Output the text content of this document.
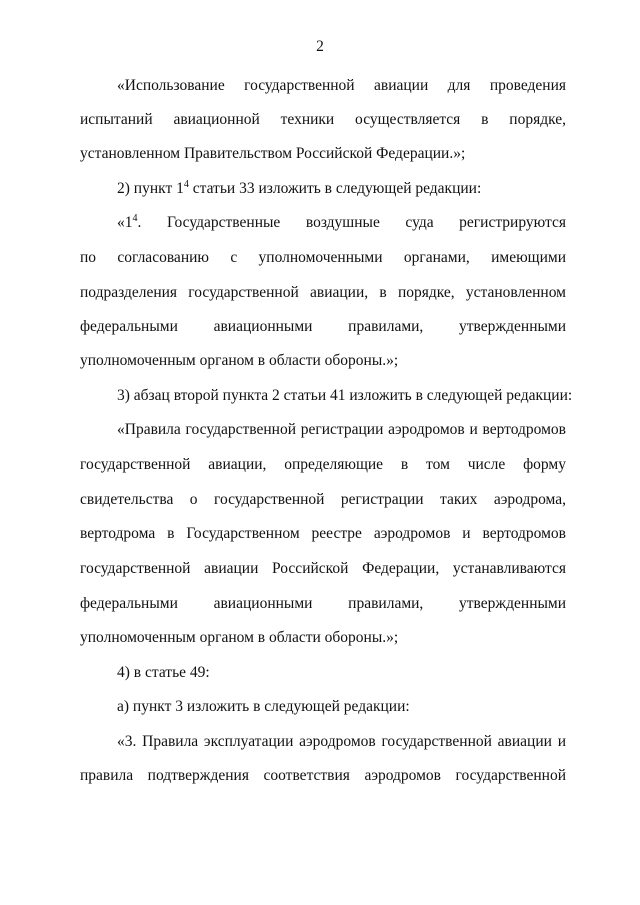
2
«Использование государственной авиации для проведения
испытаний авиационной техники осуществляется в порядке,
установленном Правительством Российской Федерации.»;
2) пункт $1^4$ статьи 33 изложить в следующей редакции:
«$1^4$ . Государственные воздушные суда регистрируются
по согласованию с уполномоченными органами, имеющими
подразделения государственной авиации, в порядке, установленном
федеральными авиационными правилами, утвержденными
уполномоченным органом в области обороны.»;
3) абзац второй пункта 2 статьи 41 изложить в следующей редакции:
«Правила государственной регистрации аэродромов и вертодромов
государственной авиации, определяющие в том числе форму
свидетельства о государственной регистрации таких аэродрома,
вертодрома в Государственном реестре аэродромов и вертодромов
государственной авиации Российской Федерации, устанавливаются
федеральными авиационными правилами, утвержденными
уполномоченным органом в области обороны.»;
4) в статье 49:
а) пункт 3 изложить в следующей редакции:
«3. Правила эксплуатации аэродромов государственной авиации и
правила подтверждения соответствия аэродромов государственной
